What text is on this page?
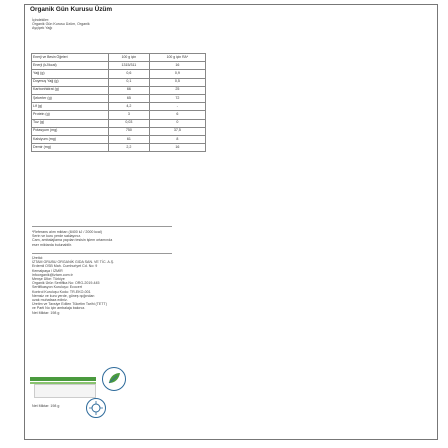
Organik Gün Kurusu Üzüm
İçindekiler:
Organik Gün Kurusu Üzüm, Organik
Ayçiçek Yağı
Enerji ve Besin Öğeleri	100 g için	100 g için RA*
Enerji (kJ/kcal)	1315/311	16
Yağ (g)	0,6	0,9
Doymuş Yağ (g)	0,1	0,5
Karbonhidrat (g)	66	25
Şekerler (g)	65	72
Lif (g)	4,2	-
Protein (g)	3	6
Tuz (g)	0,03	0
Potasyum (mg)	750	37,5
Kalsiyum (mg)	61	8
Demir (mg)	2,2	16
*Referans alım miktarı (8400 kJ / 2000 kcal)
Serin ve kuru yerde saklayınız.
Cam, ambalajlama yapılan tesisin işlem ortamında
eser miktarda bulunabilir.
Üretici:
İZTAM GRUBU ORGANİK GIDA SAN. VE TİC. A.Ş.
Erdemli OSB Mah. Cumhuriyet Cd. No: 9
Kemalpaşa / İZMİR
infoorganik@iztam.com.tr
Menşe Ülke: Türkiye
Organik Ürün Sertifika No: ORG-2019-445
Sertifikasyon Kuruluşu: Ecocert
Kontrol Kuruluşu Kodu: TR-EKO-001
Nemsiz ve kuru yerde, güneş ışığından
uzak muhafaza ediniz.
Üretim ve Tavsiye Edilen Tüketim Tarihi (TETT)
ve Parti No için ambalaja bakınız.
Net Miktar: 198 g
Net Miktar: 198 g
